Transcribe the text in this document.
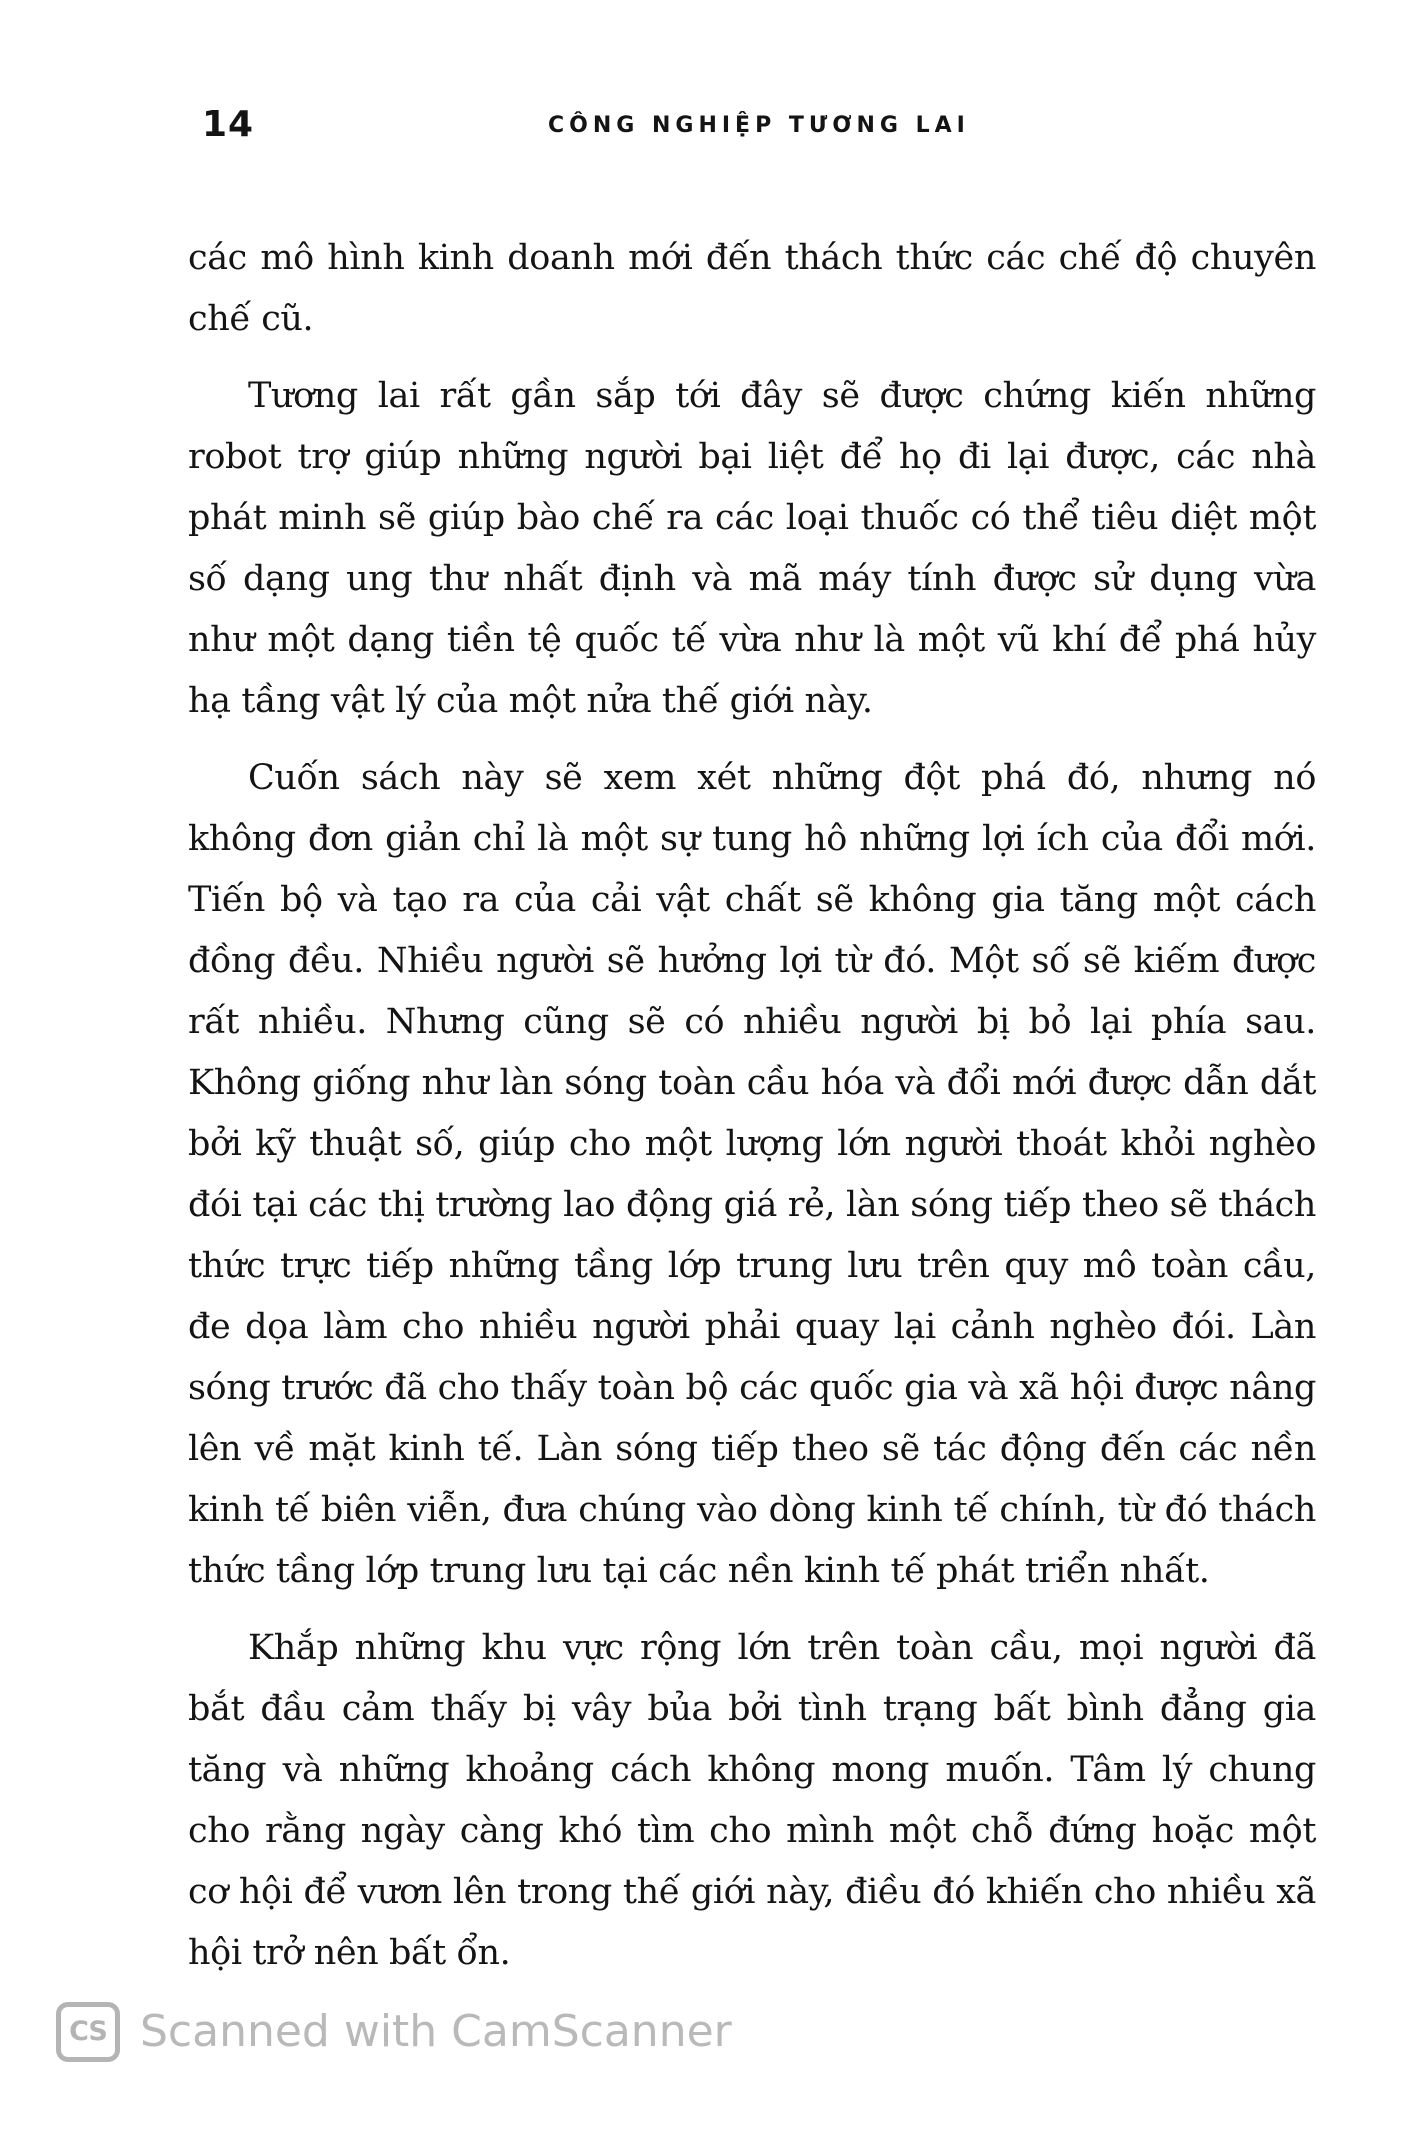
14	CÔNG NGHIỆP TƯƠNG LAI

các mô hình kinh doanh mới đến thách thức các chế độ chuyên chế cũ.

Tương lai rất gần sắp tới đây sẽ được chứng kiến những robot trợ giúp những người bại liệt để họ đi lại được, các nhà phát minh sẽ giúp bào chế ra các loại thuốc có thể tiêu diệt một số dạng ung thư nhất định và mã máy tính được sử dụng vừa như một dạng tiền tệ quốc tế vừa như là một vũ khí để phá hủy hạ tầng vật lý của một nửa thế giới này.

Cuốn sách này sẽ xem xét những đột phá đó, nhưng nó không đơn giản chỉ là một sự tung hô những lợi ích của đổi mới. Tiến bộ và tạo ra của cải vật chất sẽ không gia tăng một cách đồng đều. Nhiều người sẽ hưởng lợi từ đó. Một số sẽ kiếm được rất nhiều. Nhưng cũng sẽ có nhiều người bị bỏ lại phía sau. Không giống như làn sóng toàn cầu hóa và đổi mới được dẫn dắt bởi kỹ thuật số, giúp cho một lượng lớn người thoát khỏi nghèo đói tại các thị trường lao động giá rẻ, làn sóng tiếp theo sẽ thách thức trực tiếp những tầng lớp trung lưu trên quy mô toàn cầu, đe dọa làm cho nhiều người phải quay lại cảnh nghèo đói. Làn sóng trước đã cho thấy toàn bộ các quốc gia và xã hội được nâng lên về mặt kinh tế. Làn sóng tiếp theo sẽ tác động đến các nền kinh tế biên viễn, đưa chúng vào dòng kinh tế chính, từ đó thách thức tầng lớp trung lưu tại các nền kinh tế phát triển nhất.

Khắp những khu vực rộng lớn trên toàn cầu, mọi người đã bắt đầu cảm thấy bị vây bủa bởi tình trạng bất bình đẳng gia tăng và những khoảng cách không mong muốn. Tâm lý chung cho rằng ngày càng khó tìm cho mình một chỗ đứng hoặc một cơ hội để vươn lên trong thế giới này, điều đó khiến cho nhiều xã hội trở nên bất ổn.

CS Scanned with CamScanner
